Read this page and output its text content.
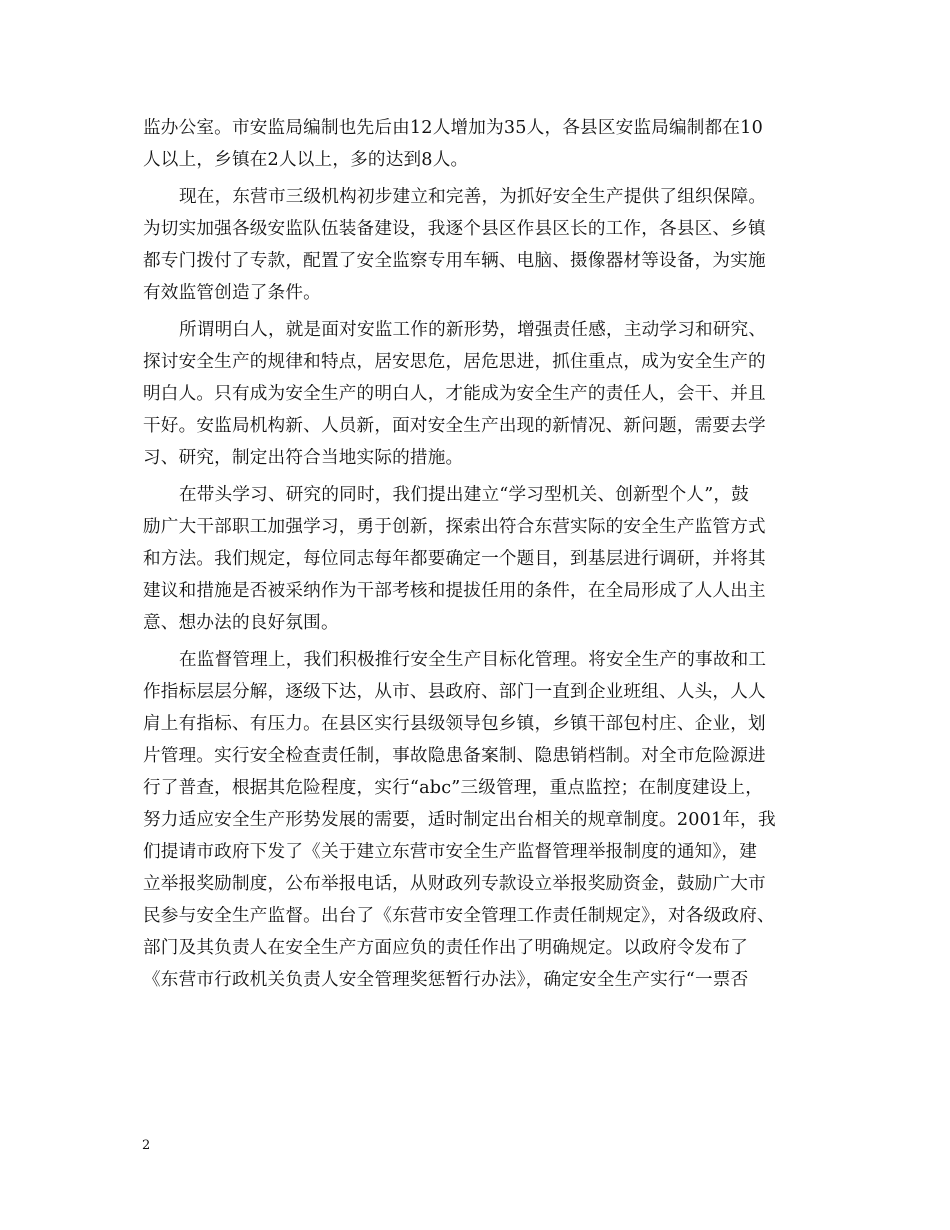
监办公室。市安监局编制也先后由12人增加为35人，各县区安监局编制都在10
人以上，乡镇在2人以上，多的达到8人。
现在，东营市三级机构初步建立和完善，为抓好安全生产提供了组织保障。
为切实加强各级安监队伍装备建设，我逐个县区作县区长的工作，各县区、乡镇
都专门拨付了专款，配置了安全监察专用车辆、电脑、摄像器材等设备，为实施
有效监管创造了条件。
所谓明白人，就是面对安监工作的新形势，增强责任感，主动学习和研究、
探讨安全生产的规律和特点，居安思危，居危思进，抓住重点，成为安全生产的
明白人。只有成为安全生产的明白人，才能成为安全生产的责任人，会干、并且
干好。安监局机构新、人员新，面对安全生产出现的新情况、新问题，需要去学
习、研究，制定出符合当地实际的措施。
在带头学习、研究的同时，我们提出建立“学习型机关、创新型个人”，鼓
励广大干部职工加强学习，勇于创新，探索出符合东营实际的安全生产监管方式
和方法。我们规定，每位同志每年都要确定一个题目，到基层进行调研，并将其
建议和措施是否被采纳作为干部考核和提拔任用的条件，在全局形成了人人出主
意、想办法的良好氛围。
在监督管理上，我们积极推行安全生产目标化管理。将安全生产的事故和工
作指标层层分解，逐级下达，从市、县政府、部门一直到企业班组、人头，人人
肩上有指标、有压力。在县区实行县级领导包乡镇，乡镇干部包村庄、企业，划
片管理。实行安全检查责任制，事故隐患备案制、隐患销档制。对全市危险源进
行了普查，根据其危险程度，实行“abc”三级管理，重点监控；在制度建设上，
努力适应安全生产形势发展的需要，适时制定出台相关的规章制度。2001年，我
们提请市政府下发了《关于建立东营市安全生产监督管理举报制度的通知》，建
立举报奖励制度，公布举报电话，从财政列专款设立举报奖励资金，鼓励广大市
民参与安全生产监督。出台了《东营市安全管理工作责任制规定》，对各级政府、
部门及其负责人在安全生产方面应负的责任作出了明确规定。以政府令发布了
《东营市行政机关负责人安全管理奖惩暂行办法》，确定安全生产实行“一票否
2
